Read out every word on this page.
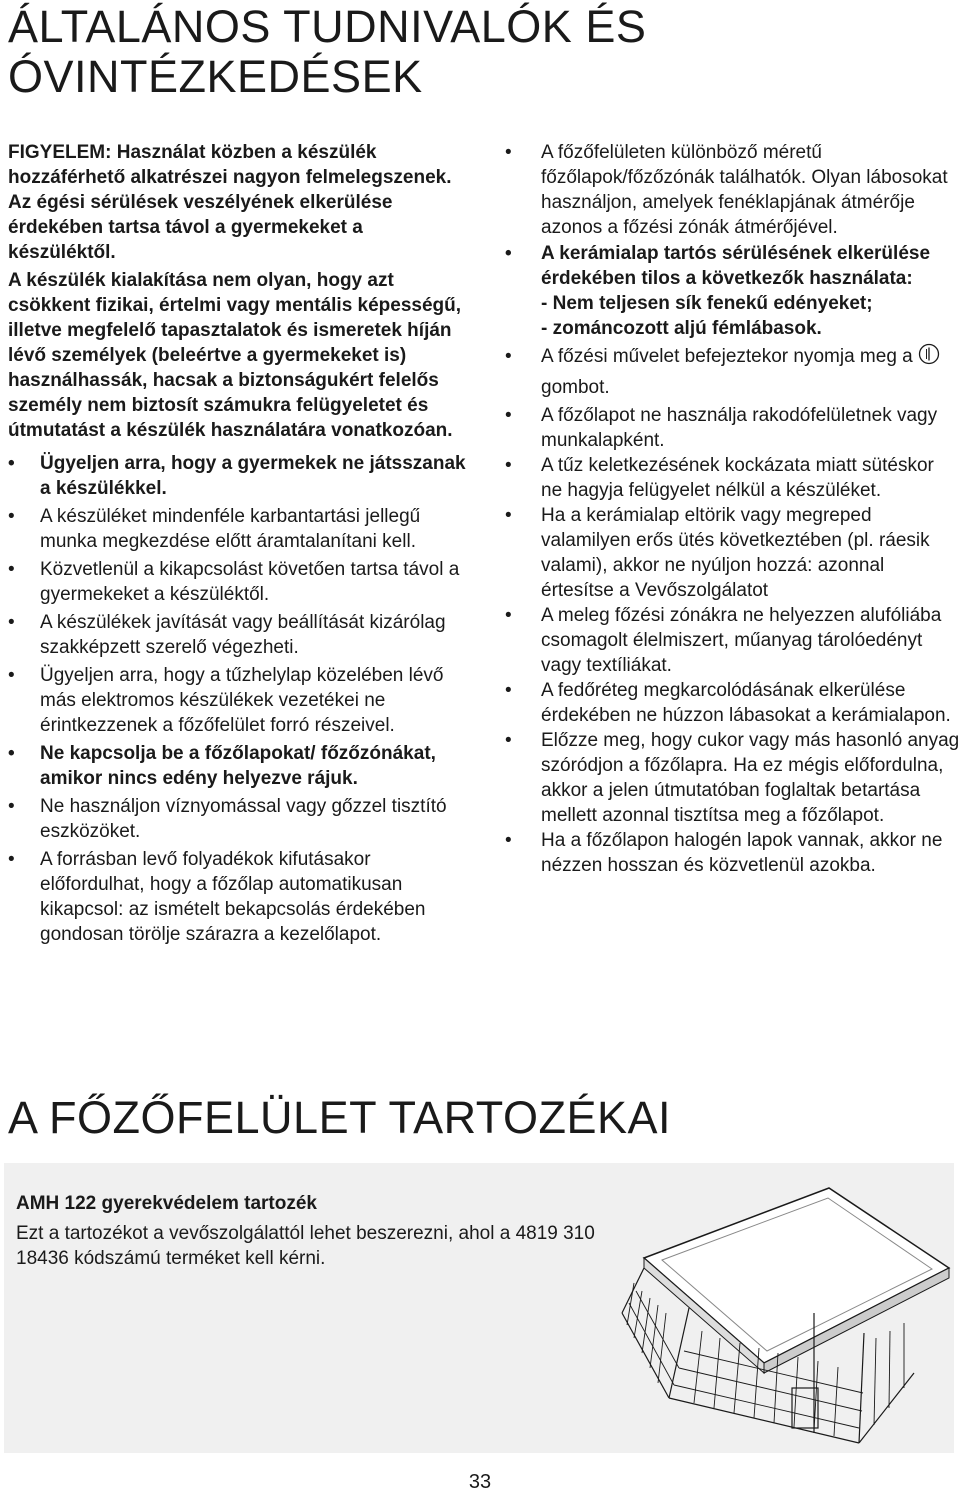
ÁLTALÁNOS TUDNIVALÓK ÉS ÓVINTÉZKEDÉSEK

FIGYELEM: Használat közben a készülék hozzáférhető alkatrészei nagyon felmelegszenek. Az égési sérülések veszélyének elkerülése érdekében tartsa távol a gyermekeket a készüléktől.

A készülék kialakítása nem olyan, hogy azt csökkent fizikai, értelmi vagy mentális képességű, illetve megfelelő tapasztalatok és ismeretek híján lévő személyek (beleértve a gyermekeket is) használhassák, hacsak a biztonságukért felelős személy nem biztosít számukra felügyeletet és útmutatást a készülék használatára vonatkozóan.

•	Ügyeljen arra, hogy a gyermekek ne játsszanak a készülékkel.
•	A készüléket mindenféle karbantartási jellegű munka megkezdése előtt áramtalanítani kell.
•	Közvetlenül a kikapcsolást követően tartsa távol a gyermekeket a készüléktől.
•	A készülékek javítását vagy beállítását kizárólag szakképzett szerelő végezheti.
•	Ügyeljen arra, hogy a tűzhelylap közelében lévő más elektromos készülékek vezetékei ne érintkezzenek a főzőfelület forró részeivel.
•	Ne kapcsolja be a főzőlapokat/ főzőzónákat, amikor nincs edény helyezve rájuk.
•	Ne használjon víznyomással vagy gőzzel tisztító eszközöket.
•	A forrásban levő folyadékok kifutásakor előfordulhat, hogy a főzőlap automatikusan kikapcsol: az ismételt bekapcsolás érdekében gondosan törölje szárazra a kezelőlapot.
•	A főzőfelületen különböző méretű főzőlapok/főzőzónák találhatók. Olyan lábosokat használjon, amelyek fenéklapjának átmérője azonos a főzési zónák átmérőjével.
•	A kerámialap tartós sérülésének elkerülése érdekében tilos a következők használata:
- Nem teljesen sík fenekű edényeket;
- zománcozott aljú fémlábasok.
•	A főzési művelet befejeztekor nyomja meg a  gombot.
•	A főzőlapot ne használja rakodófelületnek vagy munkalapként.
•	A tűz keletkezésének kockázata miatt sütéskor ne hagyja felügyelet nélkül a készüléket.
•	Ha a kerámialap eltörik vagy megreped valamilyen erős ütés következtében (pl. ráesik valami), akkor ne nyúljon hozzá: azonnal értesítse a Vevőszolgálatot
•	A meleg főzési zónákra ne helyezzen alufóliába csomagolt élelmiszert, műanyag tárolóedényt vagy textíliákat.
•	A fedőréteg megkarcolódásának elkerülése érdekében ne húzzon lábasokat a kerámialapon.
•	Előzze meg, hogy cukor vagy más hasonló anyag szóródjon a főzőlapra. Ha ez mégis előfordulna, akkor a jelen útmutatóban foglaltak betartása mellett azonnal tisztítsa meg a főzőlapot.
•	Ha a főzőlapon halogén lapok vannak, akkor ne nézzen hosszan és közvetlenül azokba.
A FŐZŐFELÜLET TARTOZÉKAI
AMH 122 gyerekvédelem tartozék
Ezt a tartozékot a vevőszolgálattól lehet beszerezni, ahol a 4819 310 18436 kódszámú terméket kell kérni.
33
